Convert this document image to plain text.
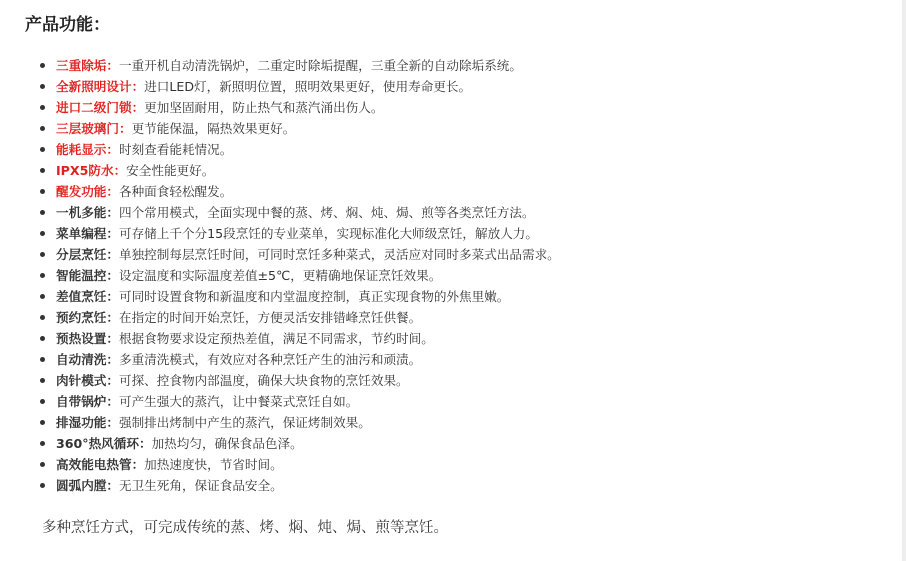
产品功能：
三重除垢：一重开机自动清洗锅炉，二重定时除垢提醒，三重全新的自动除垢系统。
全新照明设计：进口LED灯，新照明位置，照明效果更好，使用寿命更长。
进口二级门锁：更加坚固耐用，防止热气和蒸汽涌出伤人。
三层玻璃门：更节能保温，隔热效果更好。
能耗显示：时刻查看能耗情况。
IPX5防水：安全性能更好。
醒发功能：各种面食轻松醒发。
一机多能：四个常用模式，全面实现中餐的蒸、烤、焖、炖、焗、煎等各类烹饪方法。
菜单编程：可存储上千个分15段烹饪的专业菜单，实现标准化大师级烹饪，解放人力。
分层烹饪：单独控制每层烹饪时间，可同时烹饪多种菜式，灵活应对同时多菜式出品需求。
智能温控：设定温度和实际温度差值±5℃，更精确地保证烹饪效果。
差值烹饪：可同时设置食物和新温度和内堂温度控制，真正实现食物的外焦里嫩。
预约烹饪：在指定的时间开始烹饪，方便灵活安排错峰烹饪供餐。
预热设置：根据食物要求设定预热差值，满足不同需求，节约时间。
自动清洗：多重清洗模式，有效应对各种烹饪产生的油污和顽渍。
肉针模式：可探、控食物内部温度，确保大块食物的烹饪效果。
自带锅炉：可产生强大的蒸汽，让中餐菜式烹饪自如。
排湿功能：强制排出烤制中产生的蒸汽，保证烤制效果。
360°热风循环：加热均匀，确保食品色泽。
高效能电热管：加热速度快，节省时间。
圆弧内膛：无卫生死角，保证食品安全。

多种烹饪方式，可完成传统的蒸、烤、焖、炖、焗、煎等烹饪。
